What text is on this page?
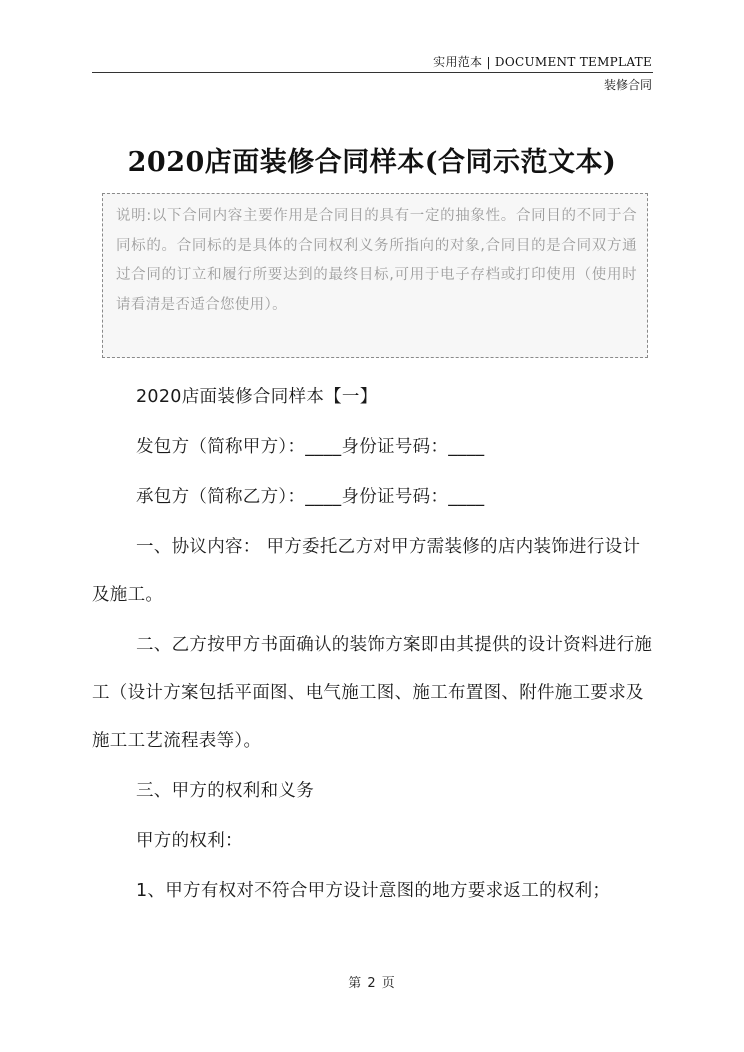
实用范本 | DOCUMENT TEMPLATE
装修合同
2020店面装修合同样本(合同示范文本)

说明:以下合同内容主要作用是合同目的具有一定的抽象性。合同目的不同于合同标的。合同标的是具体的合同权利义务所指向的对象,合同目的是合同双方通过合同的订立和履行所要达到的最终目标,可用于电子存档或打印使用（使用时请看清是否适合您使用）。

2020店面装修合同样本【一】

发包方（简称甲方）：____身份证号码：____

承包方（简称乙方）：____身份证号码：____

一、协议内容： 甲方委托乙方对甲方需装修的店内装饰进行设计及施工。

二、乙方按甲方书面确认的装饰方案即由其提供的设计资料进行施工（设计方案包括平面图、电气施工图、施工布置图、附件施工要求及施工工艺流程表等）。

三、甲方的权利和义务

甲方的权利：

1、甲方有权对不符合甲方设计意图的地方要求返工的权利；

第 2 页
